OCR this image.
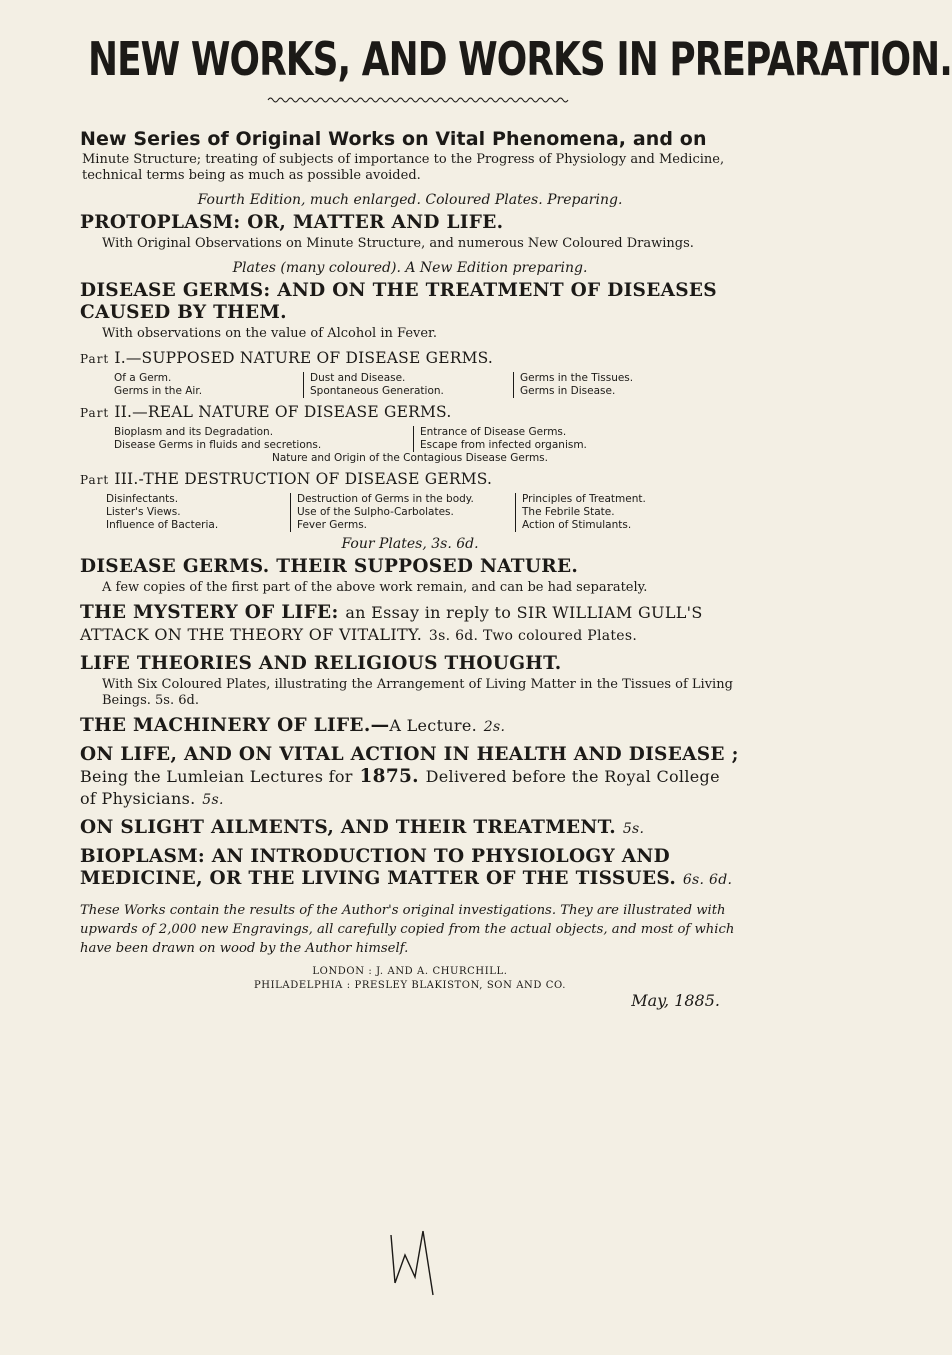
NEW WORKS, AND WORKS IN PREPARATION.

New Series of Original Works on Vital Phenomena, and on

Minute Structure; treating of subjects of importance to the Progress of Physiology and Medicine, technical terms being as much as possible avoided.

Fourth Edition, much enlarged. Coloured Plates. Preparing.

PROTOPLASM: OR, MATTER AND LIFE.

With Original Observations on Minute Structure, and numerous New Coloured Drawings.

Plates (many coloured). A New Edition preparing.

DISEASE GERMS: AND ON THE TREATMENT OF DISEASES CAUSED BY THEM.

With observations on the value of Alcohol in Fever.

Part I.—SUPPOSED NATURE OF DISEASE GERMS.

Of a Germ.
Germs in the Air.
Dust and Disease.
Spontaneous Generation.
Germs in the Tissues.
Germs in Disease.

Part II.—REAL NATURE OF DISEASE GERMS.

Bioplasm and its Degradation.
Disease Germs in fluids and secretions.
Entrance of Disease Germs.
Escape from infected organism.

Nature and Origin of the Contagious Disease Germs.

Part III.-THE DESTRUCTION OF DISEASE GERMS.

Disinfectants.
Lister's Views.
Influence of Bacteria.
Destruction of Germs in the body.
Use of the Sulpho-Carbolates.
Fever Germs.
Principles of Treatment.
The Febrile State.
Action of Stimulants.

Four Plates, 3s. 6d.

DISEASE GERMS. THEIR SUPPOSED NATURE.

A few copies of the first part of the above work remain, and can be had separately.

THE MYSTERY OF LIFE: an Essay in reply to SIR WILLIAM GULL'S ATTACK ON THE THEORY OF VITALITY. 3s. 6d. Two coloured Plates.

LIFE THEORIES AND RELIGIOUS THOUGHT.

With Six Coloured Plates, illustrating the Arrangement of Living Matter in the Tissues of Living Beings. 5s. 6d.

THE MACHINERY OF LIFE.—A Lecture. 2s.

ON LIFE, AND ON VITAL ACTION IN HEALTH AND DISEASE ; Being the Lumleian Lectures for 1875. Delivered before the Royal College of Physicians. 5s.

ON SLIGHT AILMENTS, AND THEIR TREATMENT. 5s.

BIOPLASM: AN INTRODUCTION TO PHYSIOLOGY AND MEDICINE, OR THE LIVING MATTER OF THE TISSUES. 6s. 6d.

These Works contain the results of the Author's original investigations. They are illustrated with upwards of 2,000 new Engravings, all carefully copied from the actual objects, and most of which have been drawn on wood by the Author himself.

LONDON : J. AND A. CHURCHILL.

PHILADELPHIA : PRESLEY BLAKISTON, SON AND CO.

May, 1885.
